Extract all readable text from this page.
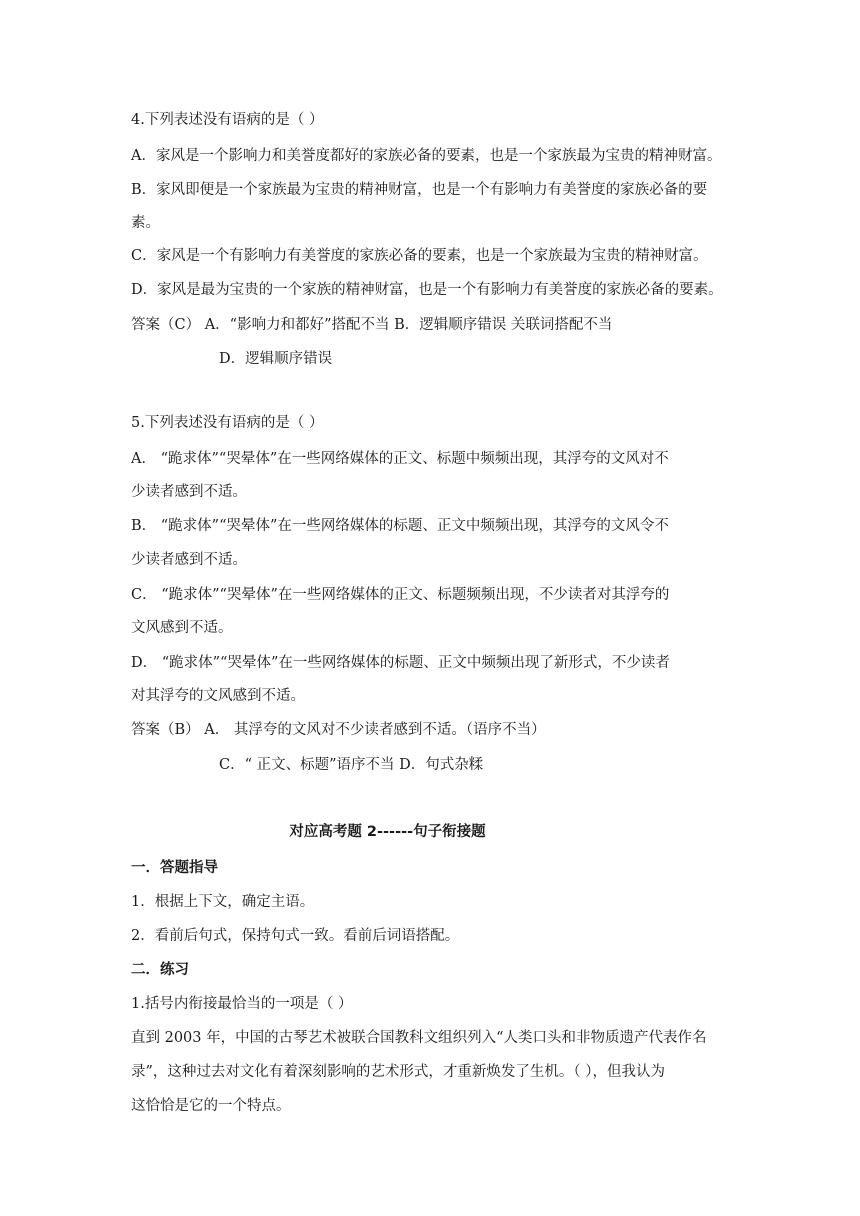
4.下列表述没有语病的是（ ）
A．家风是一个影响力和美誉度都好的家族必备的要素，也是一个家族最为宝贵的精神财富。
B．家风即便是一个家族最为宝贵的精神财富，也是一个有影响力有美誉度的家族必备的要
素。
C．家风是一个有影响力有美誉度的家族必备的要素，也是一个家族最为宝贵的精神财富。
D．家风是最为宝贵的一个家族的精神财富，也是一个有影响力有美誉度的家族必备的要素。
答案（C） A．“影响力和都好”搭配不当 B．逻辑顺序错误 关联词搭配不当
D．逻辑顺序错误
5.下列表述没有语病的是（ ）
A． “跪求体”“哭晕体”在一些网络媒体的正文、标题中频频出现，其浮夸的文风对不
少读者感到不适。
B． “跪求体”“哭晕体”在一些网络媒体的标题、正文中频频出现，其浮夸的文风令不
少读者感到不适。
C． “跪求体”“哭晕体”在一些网络媒体的正文、标题频频出现，不少读者对其浮夸的
文风感到不适。
D． “跪求体”“哭晕体”在一些网络媒体的标题、正文中频频出现了新形式，不少读者
对其浮夸的文风感到不适。
答案（B） A． 其浮夸的文风对不少读者感到不适。（语序不当）
C．“ 正文、标题”语序不当 D．句式杂糅
对应高考题 2------句子衔接题
一．答题指导
1．根据上下文，确定主语。
2．看前后句式，保持句式一致。看前后词语搭配。
二．练习
1.括号内衔接最恰当的一项是（ ）
直到 2003 年，中国的古琴艺术被联合国教科文组织列入“人类口头和非物质遗产代表作名
录”，这种过去对文化有着深刻影响的艺术形式，才重新焕发了生机。（ ），但我认为
这恰恰是它的一个特点。
